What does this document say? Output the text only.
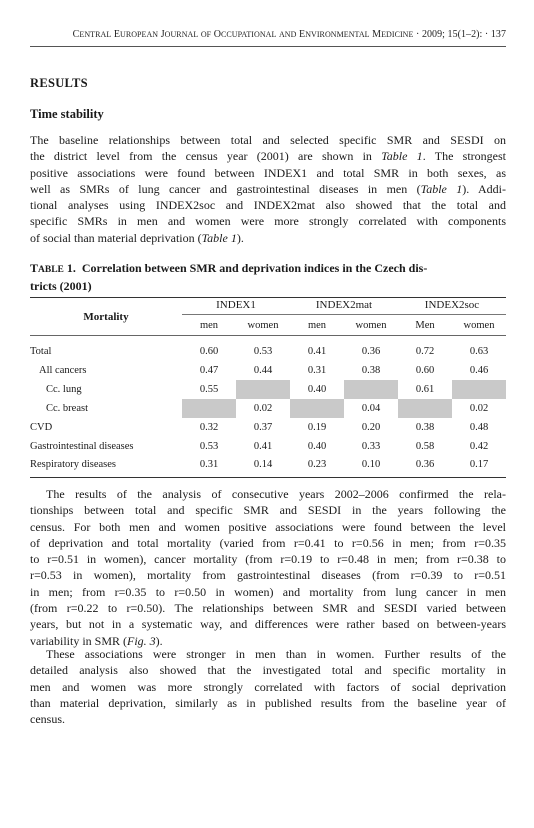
CENTRAL EUROPEAN JOURNAL OF OCCUPATIONAL AND ENVIRONMENTAL MEDICINE · 2009; 15(1–2): · 137
RESULTS
Time stability
The baseline relationships between total and selected specific SMR and SESDI on
the district level from the census year (2001) are shown in Table 1. The strongest
positive associations were found between INDEX1 and total SMR in both sexes, as
well as SMRs of lung cancer and gastrointestinal diseases in men (Table 1). Addi-
tional analyses using INDEX2soc and INDEX2mat also showed that the total and
specific SMRs in men and women were more strongly correlated with components
of social than material deprivation (Table 1).
TABLE 1. Correlation between SMR and deprivation indices in the Czech dis-
tricts (2001)
Mortality	INDEX1		INDEX2mat		INDEX2soc	
	men	women	men	women	Men	women
Total	0.60	0.53	0.41	0.36	0.72	0.63
All cancers	0.47	0.44	0.31	0.38	0.60	0.46
Cc. lung	0.55		0.40		0.61	
Cc. breast		0.02		0.04		0.02
CVD	0.32	0.37	0.19	0.20	0.38	0.48
Gastrointestinal diseases	0.53	0.41	0.40	0.33	0.58	0.42
Respiratory diseases	0.31	0.14	0.23	0.10	0.36	0.17
The results of the analysis of consecutive years 2002–2006 confirmed the rela-
tionships between total and specific SMR and SESDI in the years following the
census. For both men and women positive associations were found between the level
of deprivation and total mortality (varied from r=0.41 to r=0.56 in men; from r=0.35
to r=0.51 in women), cancer mortality (from r=0.19 to r=0.48 in men; from r=0.38 to
r=0.53 in women), mortality from gastrointestinal diseases (from r=0.39 to r=0.51
in men; from r=0.35 to r=0.50 in women) and mortality from lung cancer in men
(from r=0.22 to r=0.50). The relationships between SMR and SESDI varied between
years, but not in a systematic way, and differences were rather based on between-years
variability in SMR (Fig. 3).
These associations were stronger in men than in women. Further results of the
detailed analysis also showed that the investigated total and specific mortality in
men and women was more strongly correlated with factors of social deprivation
than material deprivation, similarly as in published results from the baseline year of
census.
